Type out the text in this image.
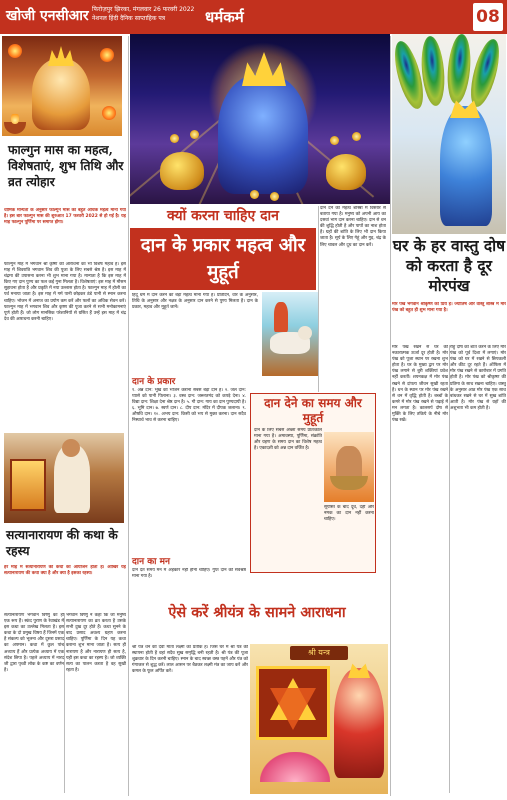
खोजी एनसीआर फिरोज़पुर झिरका, मंगलवार 26 फरवरी 2022
नेशनल हिंदी दैनिक साप्ताहिक पत्र	धर्मकर्म	08
फाल्गुन मास का महत्व, विशेषताएं, शुभ तिथि और व्रत त्योहार
धार्मिक मान्यता के अनुसार फाल्गुन मास का बहुत अधिक महत्व माना गया है। इस बार फाल्गुन मास की शुरुआत 17 फरवरी 2022 से हो गई है। यह माह फाल्गुन पूर्णिमा पर समाप्त होगा।
फाल्गुन माह में भगवान श्री कृष्ण की आराधना का भी विशेष महत्व है। इस माह में शिवरात्रि भगवान शिव की पूजा के लिए सबसे श्रेष्ठ है। इस माह में चंद्रमा की उपासना करना भी शुभ माना गया है। मान्यता है कि इस माह में किए गए दान पुण्य का फल कई गुना मिलता है। विशेषताएं: इस माह में मौसम सुहावना होता है और प्रकृति में नया उल्लास होता है। फाल्गुन माह में होली का पर्व मनाया जाता है। इस माह में गर्म पानी छोड़कर ठंडे पानी से स्नान करना चाहिए। भोजन में अनाज का प्रयोग कम करें और फलों का अधिक सेवन करें। फाल्गुन माह में भगवान शिव और कृष्ण की पूजा करने से सभी मनोकामनाएं पूर्ण होती हैं। जो लोग मानसिक परेशानियों से ग्रसित हैं उन्हें इस माह में चंद्र देव की आराधना करनी चाहिए।
सत्यानारायण की कथा के रहस्य
हर माह में सत्यानारायण की कथा का आयोजन होता है। आखिर यह सत्यानारायण की कथा क्या है और क्या है इसका रहस्य।
सत्यानारायण भगवान विष्णु का ही एक रूप हैं। स्कंद पुराण के रेवाखंड में इस कथा का उल्लेख मिलता है। इस कथा के दो प्रमुख विषय हैं जिनमें एक है संकल्प को भूलना और दूसरा प्रसाद का अपमान। कथा में कुल पांच अध्याय हैं और प्रत्येक अध्याय में एक संदेश छिपा है। पहले अध्याय में नारद जी द्वारा पृथ्वी लोक के कष्ट का वर्णन है।
भगवान विष्णु ने कहा कि जो मनुष्य सत्यानारायण का व्रत करता है उसके सभी दुख दूर होते हैं। कथा सुनने के बाद प्रसाद अवश्य ग्रहण करना चाहिए। पूर्णिमा के दिन यह कथा कराना शुभ माना जाता है। सत्य ही नारायण है और नारायण ही सत्य है, यही इस कथा का रहस्य है। जो व्यक्ति सत्य का पालन करता है वह सुखी रहता है।
क्यों करना चाहिए दान
दान के प्रकार महत्व और मुहूर्त
हिंदू धर्म में दान करने का बड़ा महत्व माना गया है। प्रतिदिन, वार के अनुसार, तिथि के अनुसार और नक्षत्र के अनुसार दान करने से पुण्य मिलता है। दान के प्रकार, महत्व और मुहूर्त जानें।
दान देने का महत्व शास्त्रों में विस्तार से बताया गया है। मनुष्य को अपनी आय का दसवां भाग दान करना चाहिए। दान से धन की शुद्धि होती है और पापों का नाश होता है। ग्रहों की शांति के लिए भी दान किया जाता है। सूर्य के लिए गेहूं और गुड़, चंद्र के लिए चावल और दूध का दान करें।
दान के प्रकार
१. अन्न दान: भूखे को भोजन कराना सबसे बड़ा दान है। २. जल दान: प्यासे को पानी पिलाना। ३. वस्त्र दान: जरूरतमंद को कपड़े देना। ४. विद्या दान: शिक्षा देना श्रेष्ठ दान है। ५. गौ दान: गाय का दान पुण्यदायी है। ६. भूमि दान। ७. स्वर्ण दान। ८. दीप दान: मंदिर में दीपक जलाना। ९. औषधि दान। १०. अभय दान: किसी को भय से मुक्त करना। दान सदैव निस्वार्थ भाव से करना चाहिए।
दान देने का समय और मुहूर्त
दान के लिए सबसे अच्छा समय प्रातःकाल माना गया है। अमावस्या, पूर्णिमा, संक्रांति और ग्रहण के समय दान का विशेष महत्व है। एकादशी को अन्न दान वर्जित है।
सूर्यास्त के बाद दूध, दही और नमक का दान नहीं करना चाहिए।
दान का मन
दान देते समय मन में अहंकार नहीं होना चाहिए। गुप्त दान को सर्वश्रेष्ठ माना गया है।
ऐसे करें श्रीयंत्र के सामने आराधना
श्री यंत्र धन की देवी माता लक्ष्मी का प्रतीक है। जिस घर में श्री यंत्र की स्थापना होती है वहां सदैव सुख समृद्धि बनी रहती है। श्री यंत्र की पूजा शुक्रवार के दिन करनी चाहिए। स्नान के बाद स्वच्छ वस्त्र पहनें और यंत्र को गंगाजल से शुद्ध करें। लाल आसन पर बैठकर लक्ष्मी मंत्र का जाप करें और कमल के फूल अर्पित करें।
श्री यन्त्र
घर के हर वास्तु दोष को करता है दूर मोरपंख
मोर पंख भगवान श्रीकृष्ण को प्रिय है। ज्योतिष और वास्तु शास्त्र में मोर पंख को बहुत ही शुभ माना गया है।
मोर पंख रखने से घर की नकारात्मक ऊर्जा दूर होती है। मोर पंख को पूजा स्थान पर रखना शुभ होता है। घर के मुख्य द्वार पर मोर पंख लगाने से बुरी शक्तियां प्रवेश नहीं करतीं। शयनकक्ष में मोर पंख रखने से दांपत्य जीवन सुखी रहता है। धन के स्थान पर मोर पंख रखने से धन में वृद्धि होती है। बच्चों के कमरे में मोर पंख रखने से पढ़ाई में मन लगता है। कालसर्प दोष से मुक्ति के लिए तकिये के नीचे मोर पंख रखें।
राहु दोष को शांत करने के लिए मोर पंख को पूर्व दिशा में लगाएं। मोर पंख को घर में रखने से छिपकली और कीट दूर रहते हैं। ऑफिस में मोर पंख रखने से कारोबार में प्रगति होती है। मोर पंख को श्रीकृष्ण की प्रतिमा के साथ रखना चाहिए। वास्तु के अनुसार आठ मोर पंख एक साथ बांधकर रखने से घर में सुख शांति आती है। मोर पंख से ग्रहों की अशुभता भी कम होती है।
